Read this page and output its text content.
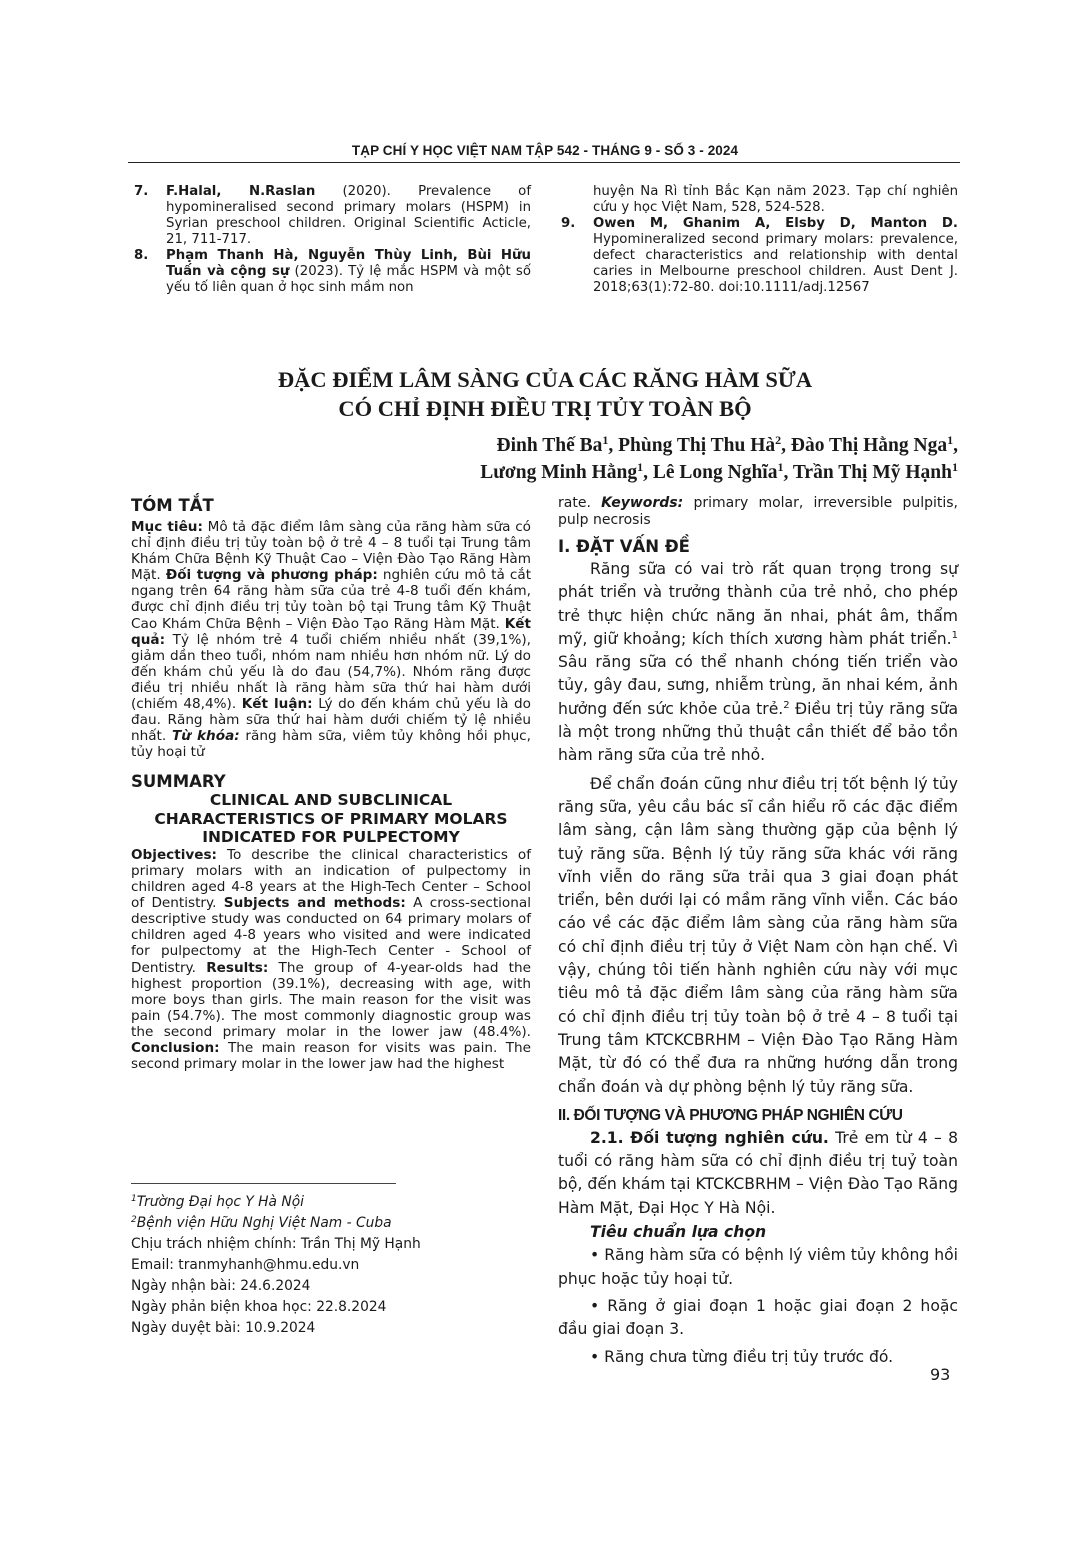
TẠP CHÍ Y HỌC VIỆT NAM TẬP 542 - THÁNG 9 - SỐ 3 - 2024
7. F.Halal, N.Raslan (2020). Prevalence of hypomineralised second primary molars (HSPM) in Syrian preschool children. Original Scientific Acticle, 21, 711-717.
8. Phạm Thanh Hà, Nguyễn Thùy Linh, Bùi Hữu Tuấn và cộng sự (2023). Tỷ lệ mắc HSPM và một số yếu tố liên quan ở học sinh mầm non
huyện Na Rì tỉnh Bắc Kạn năm 2023. Tạp chí nghiên cứu y học Việt Nam, 528, 524-528.
9. Owen M, Ghanim A, Elsby D, Manton D. Hypomineralized second primary molars: prevalence, defect characteristics and relationship with dental caries in Melbourne preschool children. Aust Dent J. 2018;63(1):72-80. doi:10.1111/adj.12567
ĐẶC ĐIỂM LÂM SÀNG CỦA CÁC RĂNG HÀM SỮA
CÓ CHỈ ĐỊNH ĐIỀU TRỊ TỦY TOÀN BỘ
Đinh Thế Ba$^1$, Phùng Thị Thu $Hà^2$, Đào Thị Hằng Nga$^1$,
Lương Minh Hằng$^1$, Lê Long Nghĩa$^1$, Trần Thị Mỹ Hạnh$^1$
TÓM TẮT
Mục tiêu: Mô tả đặc điểm lâm sàng của răng hàm sữa có chỉ định điều trị tủy toàn bộ ở trẻ 4 – 8 tuổi tại Trung tâm Khám Chữa Bệnh Kỹ Thuật Cao – Viện Đào Tạo Răng Hàm Mặt. Đối tượng và phương pháp: nghiên cứu mô tả cắt ngang trên 64 răng hàm sữa của trẻ 4-8 tuổi đến khám, được chỉ định điều trị tủy toàn bộ tại Trung tâm Kỹ Thuật Cao Khám Chữa Bệnh – Viện Đào Tạo Răng Hàm Mặt. Kết quả: Tỷ lệ nhóm trẻ 4 tuổi chiếm nhiều nhất (39,1%), giảm dần theo tuổi, nhóm nam nhiều hơn nhóm nữ. Lý do đến khám chủ yếu là do đau (54,7%). Nhóm răng được điều trị nhiều nhất là răng hàm sữa thứ hai hàm dưới (chiếm 48,4%). Kết luận: Lý do đến khám chủ yếu là do đau. Răng hàm sữa thứ hai hàm dưới chiếm tỷ lệ nhiều nhất. Từ khóa: răng hàm sữa, viêm tủy không hồi phục, tủy hoại tử
SUMMARY
CLINICAL AND SUBCLINICAL
CHARACTERISTICS OF PRIMARY MOLARS
INDICATED FOR PULPECTOMY
Objectives: To describe the clinical characteristics of primary molars with an indication of pulpectomy in children aged 4-8 years at the High-Tech Center – School of Dentistry. Subjects and methods: A cross-sectional descriptive study was conducted on 64 primary molars of children aged 4-8 years who visited and were indicated for pulpectomy at the High-Tech Center - School of Dentistry. Results: The group of 4-year-olds had the highest proportion (39.1%), decreasing with age, with more boys than girls. The main reason for the visit was pain (54.7%). The most commonly diagnostic group was the second primary molar in the lower jaw (48.4%). Conclusion: The main reason for visits was pain. The second primary molar in the lower jaw had the highest
$^1$Trường Đại học Y Hà Nội
$^2$Bệnh viện Hữu Nghị Việt Nam - Cuba
Chịu trách nhiệm chính: Trần Thị Mỹ Hạnh
Email: tranmyhanh@hmu.edu.vn
Ngày nhận bài: 24.6.2024
Ngày phản biện khoa học: 22.8.2024
Ngày duyệt bài: 10.9.2024
rate. Keywords: primary molar, irreversible pulpitis, pulp necrosis
I. ĐẶT VẤN ĐỀ

Răng sữa có vai trò rất quan trọng trong sự phát triển và trưởng thành của trẻ nhỏ, cho phép trẻ thực hiện chức năng ăn nhai, phát âm, thẩm mỹ, giữ khoảng; kích thích xương hàm phát triển.$^1$ Sâu răng sữa có thể nhanh chóng tiến triển vào tủy, gây đau, sưng, nhiễm trùng, ăn nhai kém, ảnh hưởng đến sức khỏe của trẻ.$^2$ Điều trị tủy răng sữa là một trong những thủ thuật cần thiết để bảo tồn hàm răng sữa của trẻ nhỏ.

Để chẩn đoán cũng như điều trị tốt bệnh lý tủy răng sữa, yêu cầu bác sĩ cần hiểu rõ các đặc điểm lâm sàng, cận lâm sàng thường gặp của bệnh lý tuỷ răng sữa. Bệnh lý tủy răng sữa khác với răng vĩnh viễn do răng sữa trải qua 3 giai đoạn phát triển, bên dưới lại có mầm răng vĩnh viễn. Các báo cáo về các đặc điểm lâm sàng của răng hàm sữa có chỉ định điều trị tủy ở Việt Nam còn hạn chế. Vì vậy, chúng tôi tiến hành nghiên cứu này với mục tiêu mô tả đặc điểm lâm sàng của răng hàm sữa có chỉ định điều trị tủy toàn bộ ở trẻ 4 – 8 tuổi tại Trung tâm KTCKCBRHM – Viện Đào Tạo Răng Hàm Mặt, từ đó có thể đưa ra những hướng dẫn trong chẩn đoán và dự phòng bệnh lý tủy răng sữa.

II. ĐỐI TƯỢNG VÀ PHƯƠNG PHÁP NGHIÊN CỨU

2.1. Đối tượng nghiên cứu. Trẻ em từ 4 – 8 tuổi có răng hàm sữa có chỉ định điều trị tuỷ toàn bộ, đến khám tại KTCKCBRHM – Viện Đào Tạo Răng Hàm Mặt, Đại Học Y Hà Nội.

Tiêu chuẩn lựa chọn

• Răng hàm sữa có bệnh lý viêm tủy không hồi phục hoặc tủy hoại tử.

• Răng ở giai đoạn 1 hoặc giai đoạn 2 hoặc đầu giai đoạn 3.

• Răng chưa từng điều trị tủy trước đó.

93
